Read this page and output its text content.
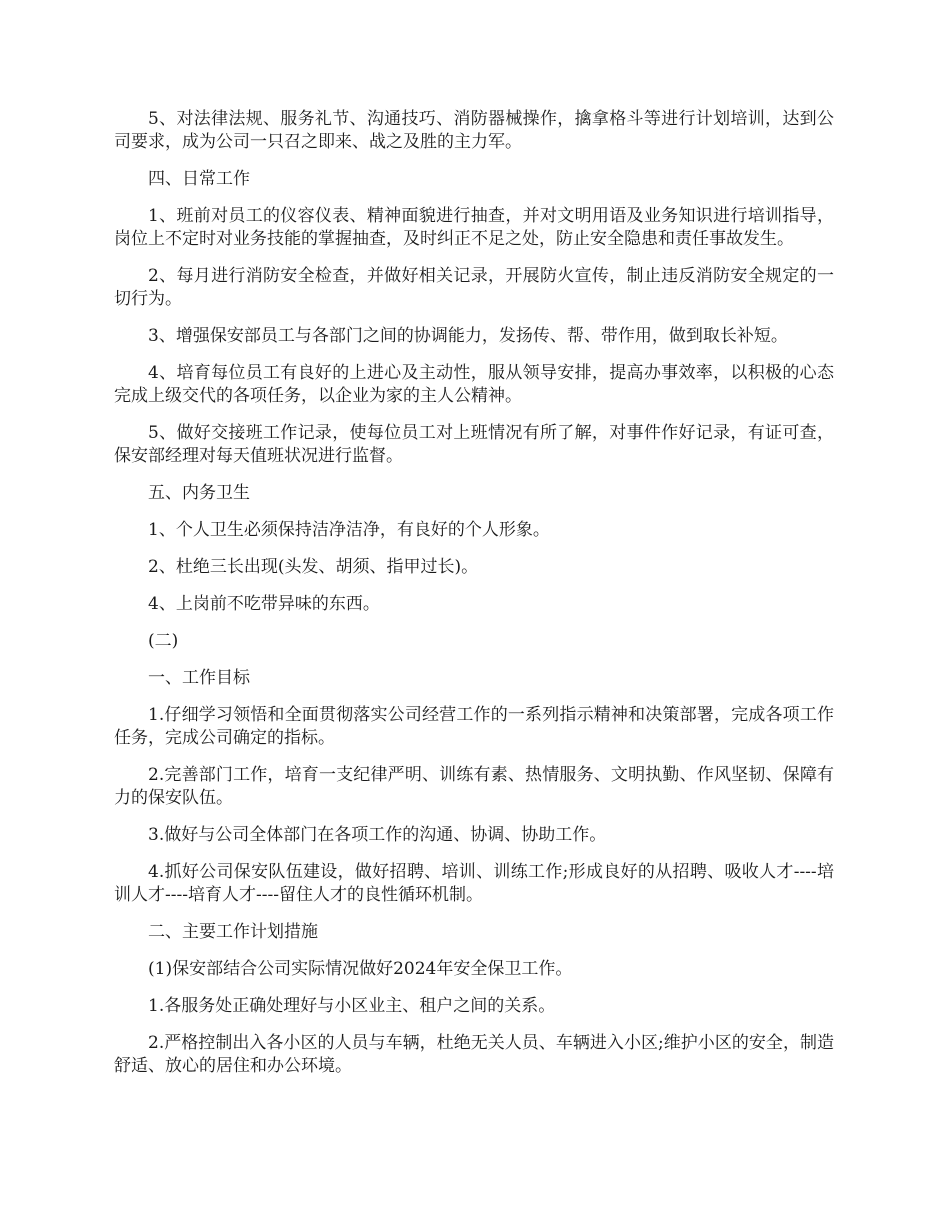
5、对法律法规、服务礼节、沟通技巧、消防器械操作，擒拿格斗等进行计划培训，达到公司要求，成为公司一只召之即来、战之及胜的主力军。

四、日常工作

1、班前对员工的仪容仪表、精神面貌进行抽查，并对文明用语及业务知识进行培训指导，岗位上不定时对业务技能的掌握抽查，及时纠正不足之处，防止安全隐患和责任事故发生。

2、每月进行消防安全检查，并做好相关记录，开展防火宣传，制止违反消防安全规定的一切行为。

3、增强保安部员工与各部门之间的协调能力，发扬传、帮、带作用，做到取长补短。

4、培育每位员工有良好的上进心及主动性，服从领导安排，提高办事效率，以积极的心态完成上级交代的各项任务，以企业为家的主人公精神。

5、做好交接班工作记录，使每位员工对上班情况有所了解，对事件作好记录，有证可查，保安部经理对每天值班状况进行监督。

五、内务卫生

1、个人卫生必须保持洁净洁净，有良好的个人形象。

2、杜绝三长出现(头发、胡须、指甲过长)。

4、上岗前不吃带异味的东西。

(二)

一、工作目标

1.仔细学习领悟和全面贯彻落实公司经营工作的一系列指示精神和决策部署，完成各项工作任务，完成公司确定的指标。

2.完善部门工作，培育一支纪律严明、训练有素、热情服务、文明执勤、作风坚韧、保障有力的保安队伍。

3.做好与公司全体部门在各项工作的沟通、协调、协助工作。

4.抓好公司保安队伍建设，做好招聘、培训、训练工作;形成良好的从招聘、吸收人才----培训人才----培育人才----留住人才的良性循环机制。

二、主要工作计划措施

(1)保安部结合公司实际情况做好2024年安全保卫工作。

1.各服务处正确处理好与小区业主、租户之间的关系。

2.严格控制出入各小区的人员与车辆，杜绝无关人员、车辆进入小区;维护小区的安全，制造舒适、放心的居住和办公环境。
